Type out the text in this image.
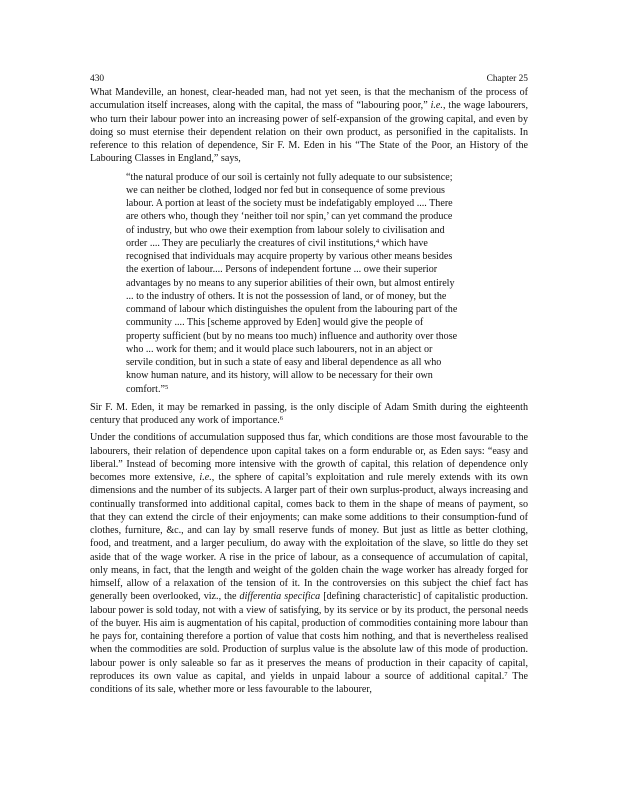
430	Chapter 25

What Mandeville, an honest, clear-headed man, had not yet seen, is that the mechanism of the process of accumulation itself increases, along with the capital, the mass of “labouring poor,” i.e., the wage labourers, who turn their labour power into an increasing power of self-expansion of the growing capital, and even by doing so must eternise their dependent relation on their own product, as personified in the capitalists. In reference to this relation of dependence, Sir F. M. Eden in his “The State of the Poor, an History of the Labouring Classes in England,” says,

“the natural produce of our soil is certainly not fully adequate to our subsistence;
we can neither be clothed, lodged nor fed but in consequence of some previous
labour. A portion at least of the society must be indefatigably employed .... There
are others who, though they ‘neither toil nor spin,’ can yet command the produce
of industry, but who owe their exemption from labour solely to civilisation and
order .... They are peculiarly the creatures of civil institutions,$^4$ which have
recognised that individuals may acquire property by various other means besides
the exertion of labour.... Persons of independent fortune ... owe their superior
advantages by no means to any superior abilities of their own, but almost entirely
... to the industry of others. It is not the possession of land, or of money, but the
command of labour which distinguishes the opulent from the labouring part of the
community .... This [scheme approved by Eden] would give the people of
property sufficient (but by no means too much) influence and authority over those
who ... work for them; and it would place such labourers, not in an abject or
servile condition, but in such a state of easy and liberal dependence as all who
know human nature, and its history, will allow to be necessary for their own
comfort.”$^5$

Sir F. M. Eden, it may be remarked in passing, is the only disciple of Adam Smith during the eighteenth century that produced any work of importance.$^6$

Under the conditions of accumulation supposed thus far, which conditions are those most favourable to the labourers, their relation of dependence upon capital takes on a form endurable or, as Eden says: “easy and liberal.” Instead of becoming more intensive with the growth of capital, this relation of dependence only becomes more extensive, i.e., the sphere of capital’s exploitation and rule merely extends with its own dimensions and the number of its subjects. A larger part of their own surplus-product, always increasing and continually transformed into additional capital, comes back to them in the shape of means of payment, so that they can extend the circle of their enjoyments; can make some additions to their consumption-fund of clothes, furniture, &c., and can lay by small reserve funds of money. But just as little as better clothing, food, and treatment, and a larger peculium, do away with the exploitation of the slave, so little do they set aside that of the wage worker. A rise in the price of labour, as a consequence of accumulation of capital, only means, in fact, that the length and weight of the golden chain the wage worker has already forged for himself, allow of a relaxation of the tension of it. In the controversies on this subject the chief fact has generally been overlooked, viz., the differentia specifica [defining characteristic] of capitalistic production. labour power is sold today, not with a view of satisfying, by its service or by its product, the personal needs of the buyer. His aim is augmentation of his capital, production of commodities containing more labour than he pays for, containing therefore a portion of value that costs him nothing, and that is nevertheless realised when the commodities are sold. Production of surplus value is the absolute law of this mode of production. labour power is only saleable so far as it preserves the means of production in their capacity of capital, reproduces its own value as capital, and yields in unpaid labour a source of additional capital.$^7$ The conditions of its sale, whether more or less favourable to the labourer,
